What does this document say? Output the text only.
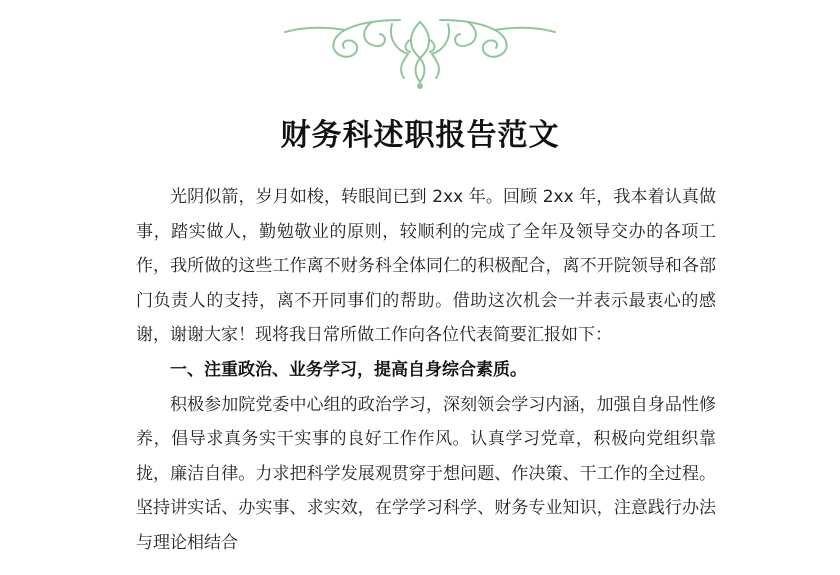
财务科述职报告范文

光阴似箭，岁月如梭，转眼间已到 2xx 年。回顾 2xx 年，我本着认真做事，踏实做人，勤勉敬业的原则，较顺利的完成了全年及领导交办的各项工作，我所做的这些工作离不财务科全体同仁的积极配合，离不开院领导和各部门负责人的支持，离不开同事们的帮助。借助这次机会一并表示最衷心的感谢，谢谢大家！现将我日常所做工作向各位代表简要汇报如下：

一、注重政治、业务学习，提高自身综合素质。

积极参加院党委中心组的政治学习，深刻领会学习内涵，加强自身品性修养，倡导求真务实干实事的良好工作作风。认真学习党章，积极向党组织靠拢，廉洁自律。力求把科学发展观贯穿于想问题、作决策、干工作的全过程。坚持讲实话、办实事、求实效，在学学习科学、财务专业知识，注意践行办法与理论相结合
